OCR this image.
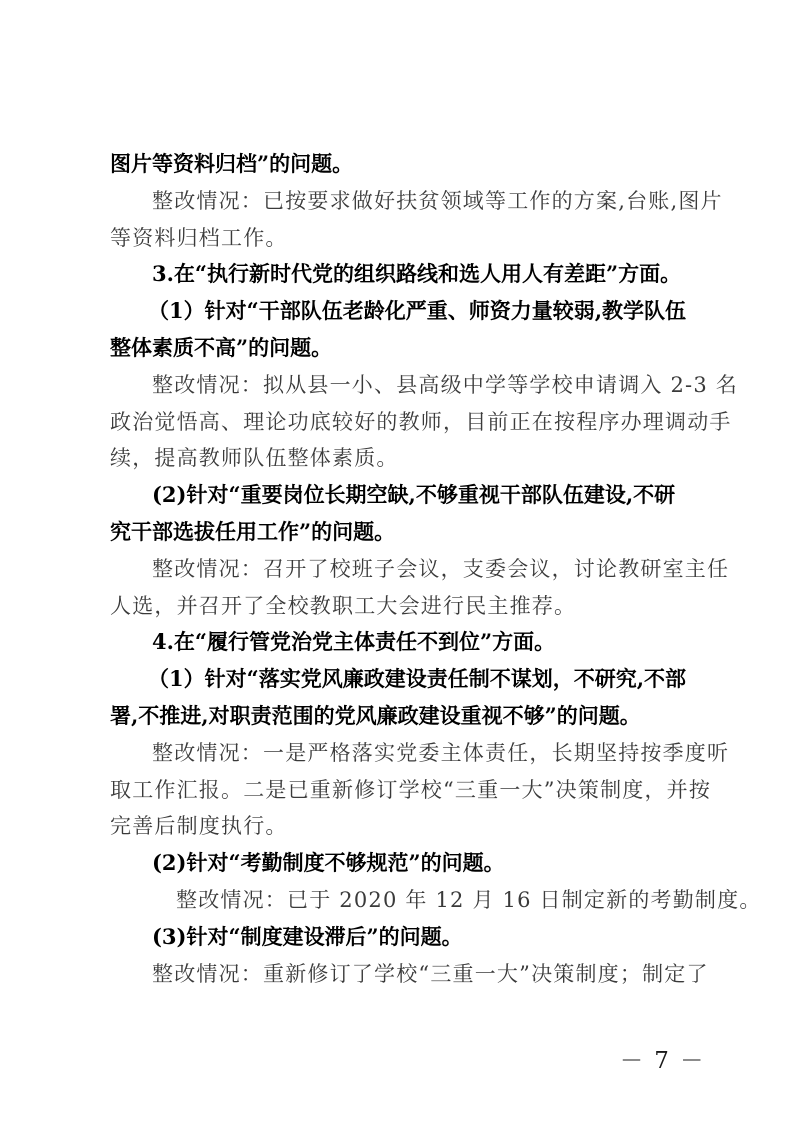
图片等资料归档”的问题。
整改情况：已按要求做好扶贫领域等工作的方案,台账,图片
等资料归档工作。
3.在“执行新时代党的组织路线和选人用人有差距”方面。
（1）针对“干部队伍老龄化严重、师资力量较弱,教学队伍
整体素质不高”的问题。
整改情况：拟从县一小、县高级中学等学校申请调入 2-3 名
政治觉悟高、理论功底较好的教师，目前正在按程序办理调动手
续，提高教师队伍整体素质。
(2)针对“重要岗位长期空缺,不够重视干部队伍建设,不研
究干部选拔任用工作”的问题。
整改情况：召开了校班子会议，支委会议，讨论教研室主任
人选，并召开了全校教职工大会进行民主推荐。
4.在“履行管党治党主体责任不到位”方面。
（1）针对“落实党风廉政建设责任制不谋划，不研究,不部
署,不推进,对职责范围的党风廉政建设重视不够”的问题。
整改情况：一是严格落实党委主体责任，长期坚持按季度听
取工作汇报。二是已重新修订学校“三重一大”决策制度，并按
完善后制度执行。
(2)针对“考勤制度不够规范”的问题。
整改情况：已于 2020 年 12 月 16 日制定新的考勤制度。
(3)针对“制度建设滞后”的问题。
整改情况：重新修订了学校“三重一大”决策制度；制定了
－ 7 －
